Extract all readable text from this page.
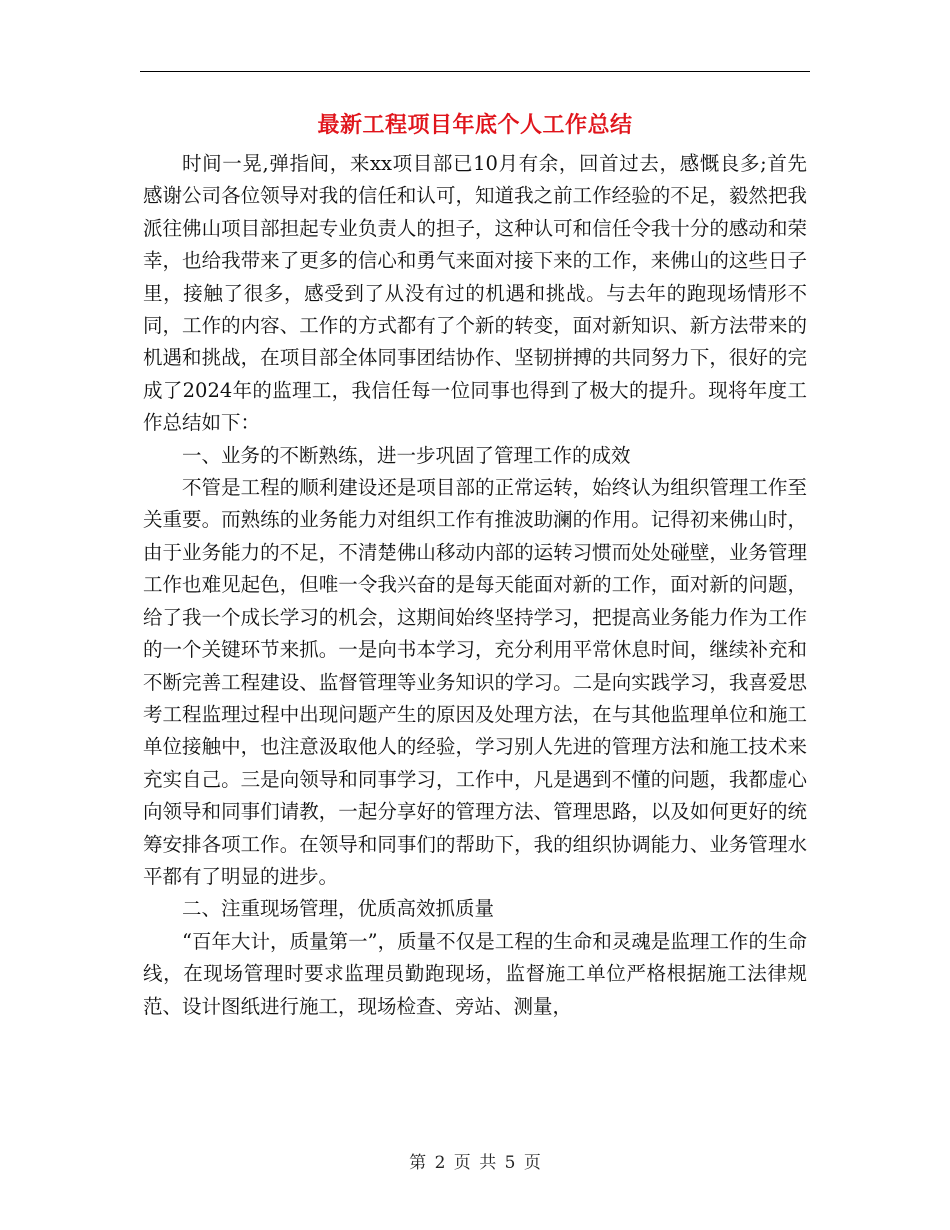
最新工程项目年底个人工作总结

时间一晃,弹指间，来xx项目部已10月有余，回首过去，感慨良多;首先感谢公司各位领导对我的信任和认可，知道我之前工作经验的不足，毅然把我派往佛山项目部担起专业负责人的担子，这种认可和信任令我十分的感动和荣幸，也给我带来了更多的信心和勇气来面对接下来的工作，来佛山的这些日子里，接触了很多，感受到了从没有过的机遇和挑战。与去年的跑现场情形不同，工作的内容、工作的方式都有了个新的转变，面对新知识、新方法带来的机遇和挑战，在项目部全体同事团结协作、坚韧拼搏的共同努力下，很好的完成了2024年的监理工，我信任每一位同事也得到了极大的提升。现将年度工作总结如下：

一、业务的不断熟练，进一步巩固了管理工作的成效

不管是工程的顺利建设还是项目部的正常运转，始终认为组织管理工作至关重要。而熟练的业务能力对组织工作有推波助澜的作用。记得初来佛山时，由于业务能力的不足，不清楚佛山移动内部的运转习惯而处处碰壁，业务管理工作也难见起色，但唯一令我兴奋的是每天能面对新的工作，面对新的问题，给了我一个成长学习的机会，这期间始终坚持学习，把提高业务能力作为工作的一个关键环节来抓。一是向书本学习，充分利用平常休息时间，继续补充和不断完善工程建设、监督管理等业务知识的学习。二是向实践学习，我喜爱思考工程监理过程中出现问题产生的原因及处理方法，在与其他监理单位和施工单位接触中，也注意汲取他人的经验，学习别人先进的管理方法和施工技术来充实自己。三是向领导和同事学习，工作中，凡是遇到不懂的问题，我都虚心向领导和同事们请教，一起分享好的管理方法、管理思路，以及如何更好的统筹安排各项工作。在领导和同事们的帮助下，我的组织协调能力、业务管理水平都有了明显的进步。

二、注重现场管理，优质高效抓质量

“百年大计，质量第一”，质量不仅是工程的生命和灵魂是监理工作的生命线，在现场管理时要求监理员勤跑现场，监督施工单位严格根据施工法律规范、设计图纸进行施工，现场检查、旁站、测量，

第 2 页 共 5 页
